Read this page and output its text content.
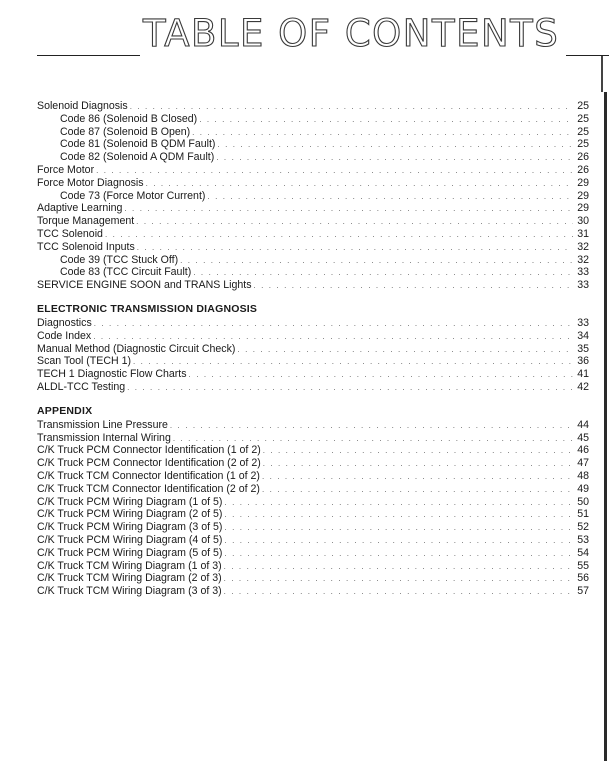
TABLE OF CONTENTS
Solenoid Diagnosis . . .	25
Code 86 (Solenoid B Closed) . . .	25
Code 87 (Solenoid B Open) . . .	25
Code 81 (Solenoid B QDM Fault) . . .	25
Code 82 (Solenoid A QDM Fault) . . .	26
Force Motor . . .	26
Force Motor Diagnosis . . .	29
Code 73 (Force Motor Current) . . .	29
Adaptive Learning . . .	29
Torque Management . . .	30
TCC Solenoid . . .	31
TCC Solenoid Inputs . . .	32
Code 39 (TCC Stuck Off) . . .	32
Code 83 (TCC Circuit Fault) . . .	33
SERVICE ENGINE SOON and TRANS Lights . . .	33
ELECTRONIC TRANSMISSION DIAGNOSIS
Diagnostics . . .	33
Code Index . . .	34
Manual Method (Diagnostic Circuit Check) . . .	35
Scan Tool (TECH 1) . . .	36
TECH 1 Diagnostic Flow Charts . . .	41
ALDL-TCC Testing . . .	42
APPENDIX
Transmission Line Pressure . . .	44
Transmission Internal Wiring . . .	45
C/K Truck PCM Connector Identification (1 of 2) . . .	46
C/K Truck PCM Connector Identification (2 of 2) . . .	47
C/K Truck TCM Connector Identification (1 of 2) . . .	48
C/K Truck TCM Connector Identification (2 of 2) . . .	49
C/K Truck PCM Wiring Diagram (1 of 5) . . .	50
C/K Truck PCM Wiring Diagram (2 of 5) . . .	51
C/K Truck PCM Wiring Diagram (3 of 5) . . .	52
C/K Truck PCM Wiring Diagram (4 of 5) . . .	53
C/K Truck PCM Wiring Diagram (5 of 5) . . .	54
C/K Truck TCM Wiring Diagram (1 of 3) . . .	55
C/K Truck TCM Wiring Diagram (2 of 3) . . .	56
C/K Truck TCM Wiring Diagram (3 of 3) . . .	57
